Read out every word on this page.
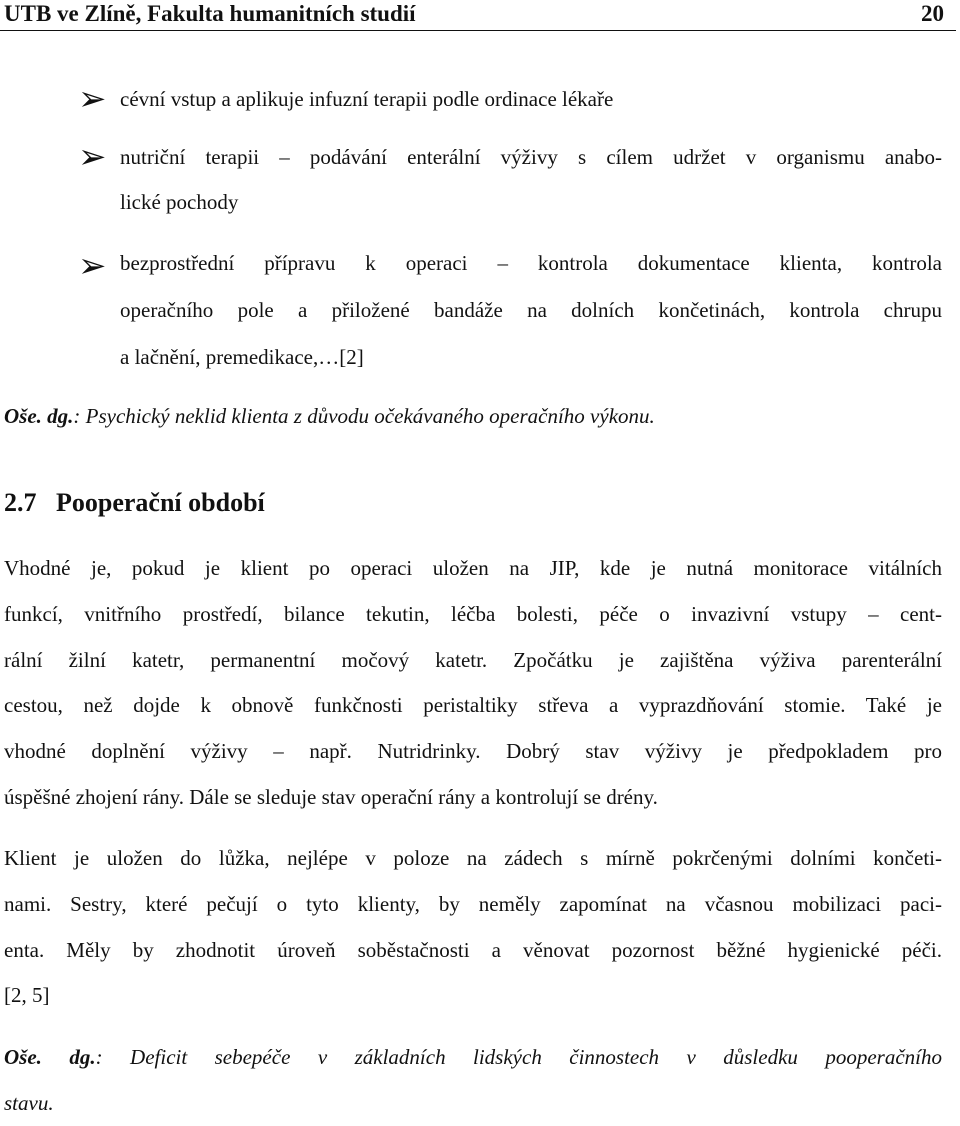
UTB ve Zlíně, Fakulta humanitních studií	20
➢ cévní vstup a aplikuje infuzní terapii podle ordinace lékaře
➢ nutriční terapii – podávání enterální výživy s cílem udržet v organismu anabo-
lické pochody
➢ bezprostřední přípravu k operaci – kontrola dokumentace klienta, kontrola
operačního pole a přiložené bandáže na dolních končetinách, kontrola chrupu
a lačnění, premedikace,…[2]
Oše. dg.: Psychický neklid klienta z důvodu očekávaného operačního výkonu.
2.7   Pooperační období
Vhodné je, pokud je klient po operaci uložen na JIP, kde je nutná monitorace vitálních
funkcí, vnitřního prostředí, bilance tekutin, léčba bolesti, péče o invazivní vstupy – cent-
rální žilní katetr, permanentní močový katetr. Zpočátku je zajištěna výživa parenterální
cestou, než dojde k obnově funkčnosti peristaltiky střeva a vyprazdňování stomie. Také je
vhodné doplnění výživy – např. Nutridrinky. Dobrý stav výživy je předpokladem pro
úspěšné zhojení rány. Dále se sleduje stav operační rány a kontrolují se drény.
Klient je uložen do lůžka, nejlépe v poloze na zádech s mírně pokrčenými dolními končeti-
nami. Sestry, které pečují o tyto klienty, by neměly zapomínat na včasnou mobilizaci paci-
enta. Měly by zhodnotit úroveň soběstačnosti a věnovat pozornost běžné hygienické péči.
[2, 5]
Oše. dg.: Deficit sebepéče v základních lidských činnostech v důsledku pooperačního
stavu.
